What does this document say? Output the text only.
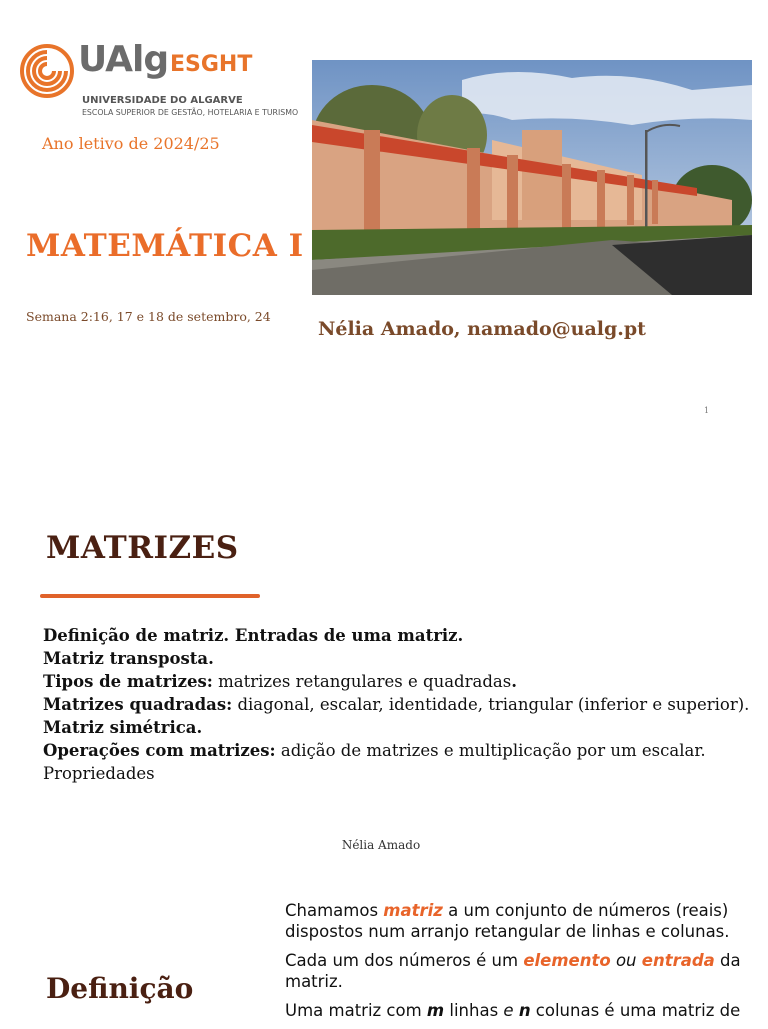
UAlg ESGHT
UNIVERSIDADE DO ALGARVE
ESCOLA SUPERIOR DE GESTÃO, HOTELARIA E TURISMO
Ano letivo de 2024/25
MATEMÁTICA I
Semana 2:16, 17 e 18 de setembro, 24
Nélia Amado, namado@ualg.pt
1
MATRIZES
Definição de matriz. Entradas de uma matriz.
Matriz transposta.
Tipos de matrizes: matrizes retangulares e quadradas.
Matrizes quadradas: diagonal, escalar, identidade, triangular (inferior e superior).
Matriz simétrica.
Operações com matrizes: adição de matrizes e multiplicação por um escalar.
Propriedades
Nélia Amado
Definição

Chamamos matriz a um conjunto de números (reais) dispostos num arranjo retangular de linhas e colunas.

Cada um dos números é um elemento ou entrada da matriz.

Uma matriz com m linhas e n colunas é uma matriz de
